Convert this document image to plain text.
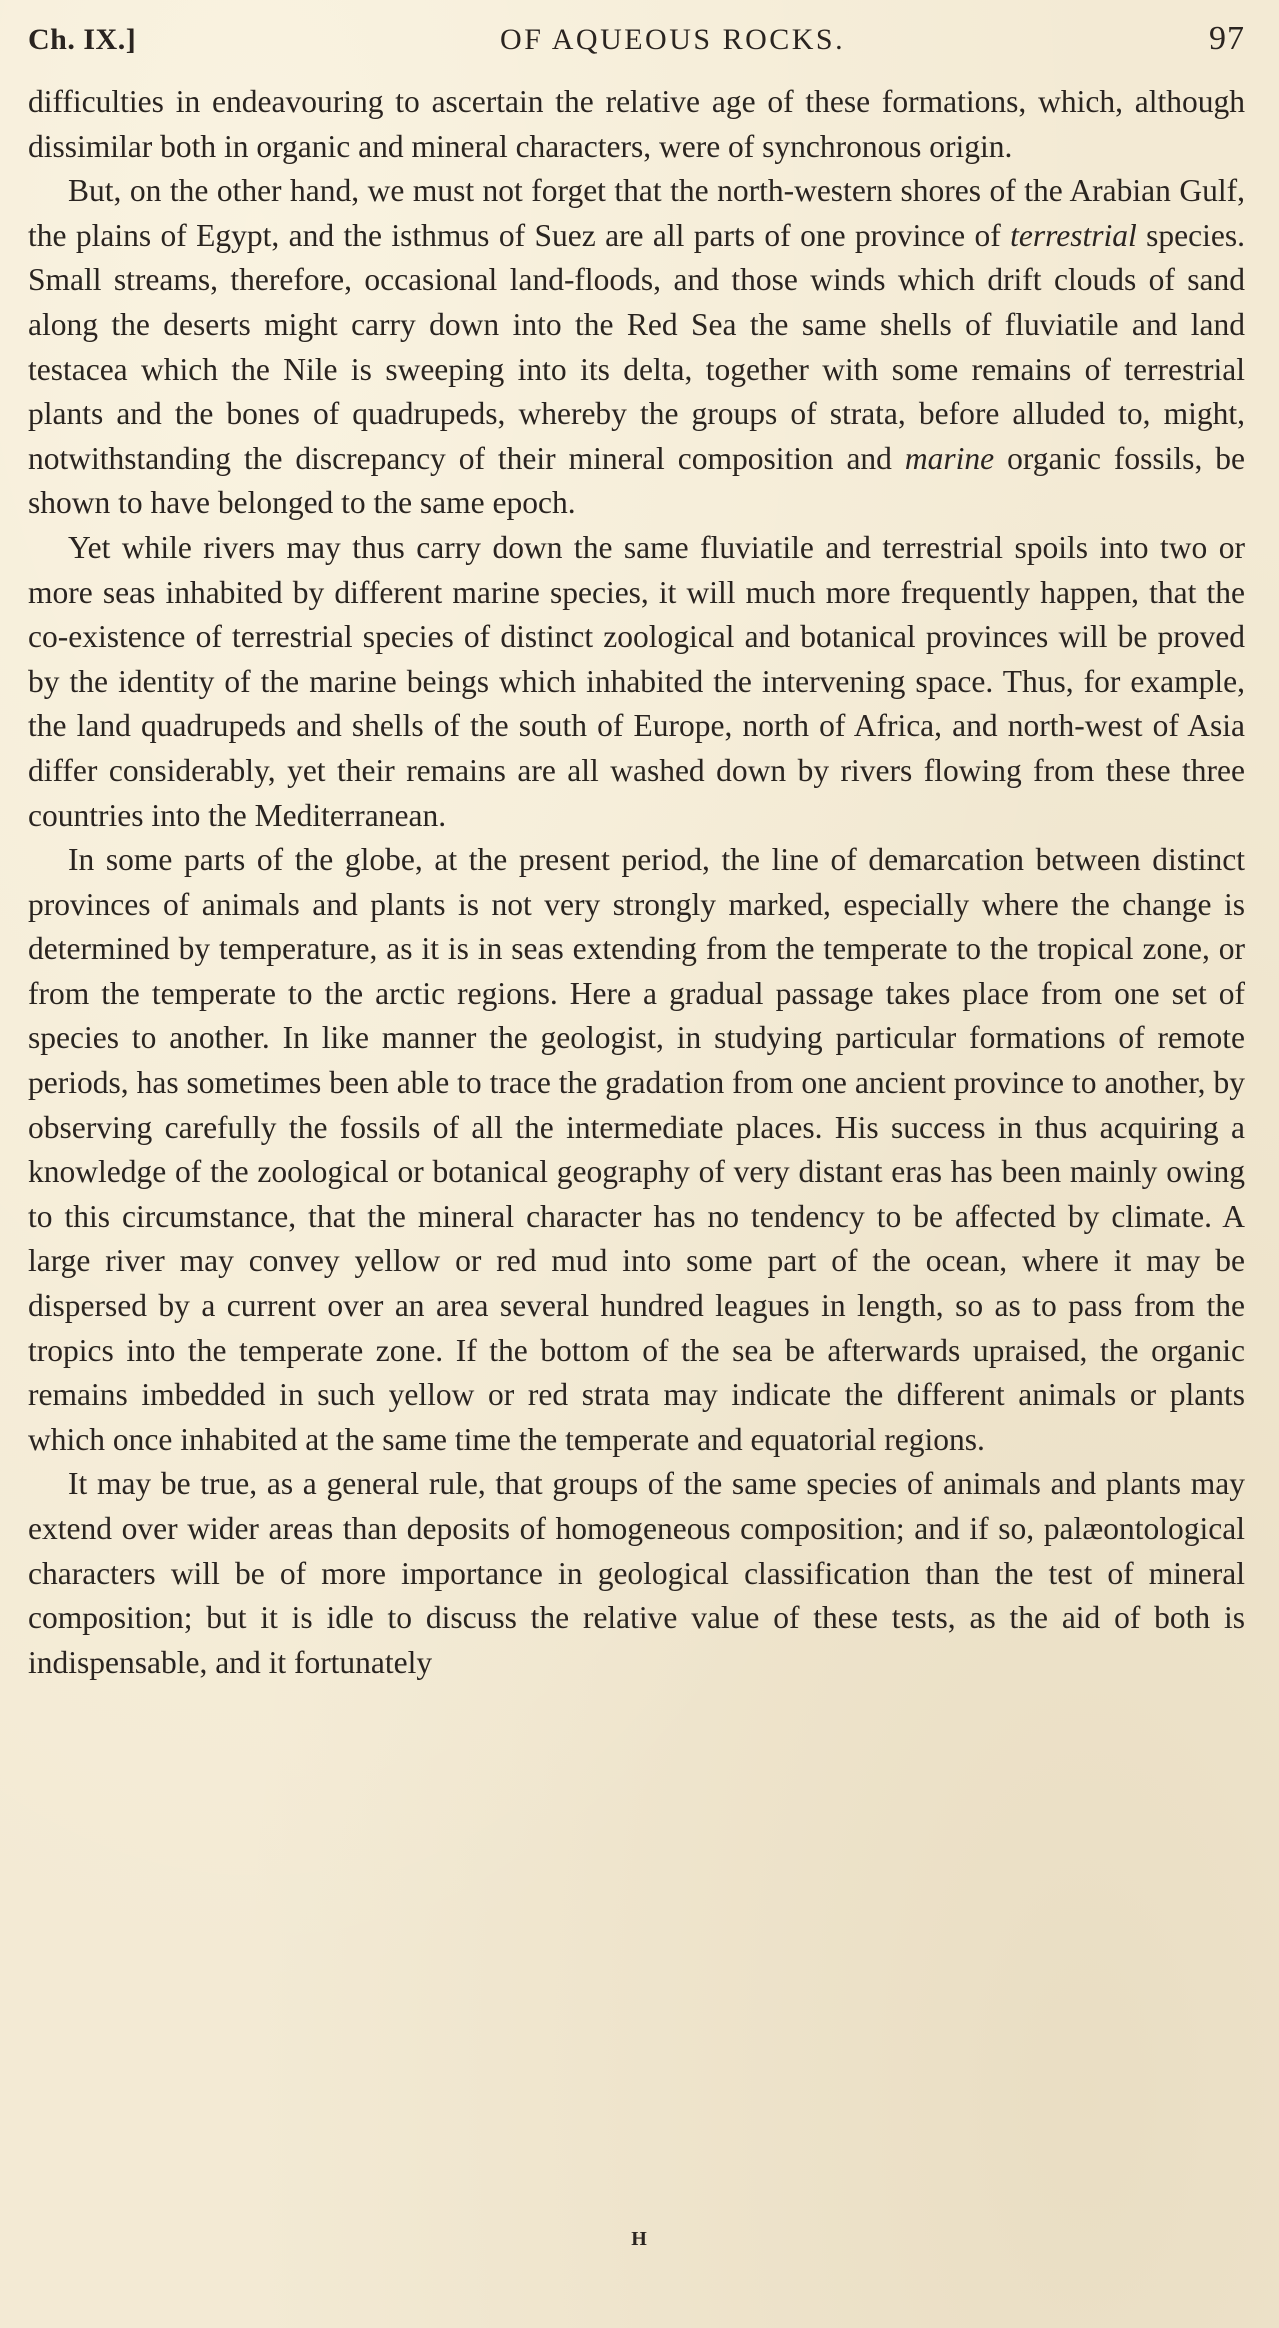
Ch. IX.]	OF AQUEOUS ROCKS.	97

difficulties in endeavouring to ascertain the relative age of these formations, which, although dissimilar both in organic and mineral characters, were of synchronous origin.

But, on the other hand, we must not forget that the north-western shores of the Arabian Gulf, the plains of Egypt, and the isthmus of Suez are all parts of one province of terrestrial species. Small streams, therefore, occasional land-floods, and those winds which drift clouds of sand along the deserts might carry down into the Red Sea the same shells of fluviatile and land testacea which the Nile is sweeping into its delta, together with some remains of terrestrial plants and the bones of quadrupeds, whereby the groups of strata, before alluded to, might, notwithstanding the discrepancy of their mineral composition and marine organic fossils, be shown to have belonged to the same epoch.

Yet while rivers may thus carry down the same fluviatile and terrestrial spoils into two or more seas inhabited by different marine species, it will much more frequently happen, that the co-existence of terrestrial species of distinct zoological and botanical provinces will be proved by the identity of the marine beings which inhabited the intervening space. Thus, for example, the land quadrupeds and shells of the south of Europe, north of Africa, and north-west of Asia differ considerably, yet their remains are all washed down by rivers flowing from these three countries into the Mediterranean.

In some parts of the globe, at the present period, the line of demarcation between distinct provinces of animals and plants is not very strongly marked, especially where the change is determined by temperature, as it is in seas extending from the temperate to the tropical zone, or from the temperate to the arctic regions. Here a gradual passage takes place from one set of species to another. In like manner the geologist, in studying particular formations of remote periods, has sometimes been able to trace the gradation from one ancient province to another, by observing carefully the fossils of all the intermediate places. His success in thus acquiring a knowledge of the zoological or botanical geography of very distant eras has been mainly owing to this circumstance, that the mineral character has no tendency to be affected by climate. A large river may convey yellow or red mud into some part of the ocean, where it may be dispersed by a current over an area several hundred leagues in length, so as to pass from the tropics into the temperate zone. If the bottom of the sea be afterwards upraised, the organic remains imbedded in such yellow or red strata may indicate the different animals or plants which once inhabited at the same time the temperate and equatorial regions.

It may be true, as a general rule, that groups of the same species of animals and plants may extend over wider areas than deposits of homogeneous composition; and if so, palæontological characters will be of more importance in geological classification than the test of mineral composition; but it is idle to discuss the relative value of these tests, as the aid of both is indispensable, and it fortunately

H
